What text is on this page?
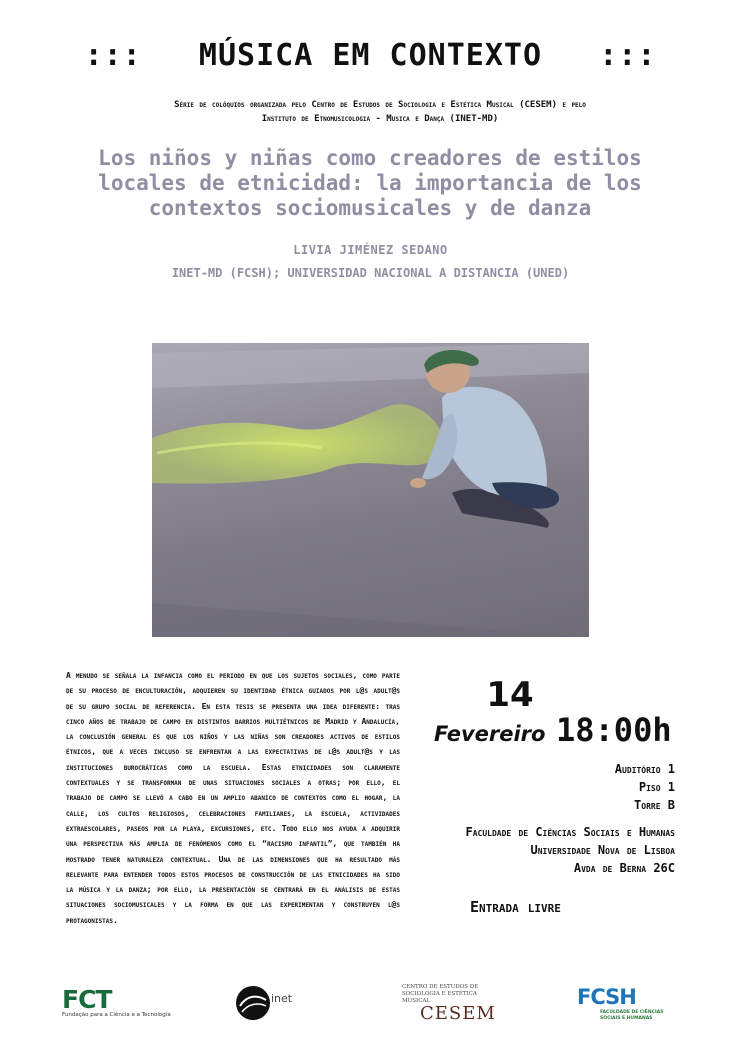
:::   MÚSICA EM CONTEXTO   :::
Série de colóquios organizada pelo Centro de Estudos de Sociologia e Estética Musical (CESEM) e pelo
Instituto de Etnomusicologia - Musica e Dança (INET-MD)
Los niños y niñas como creadores de estilos locales de etnicidad: la importancia de los contextos sociomusicales y de danza
LIVIA JIMÉNEZ SEDANO
INET-MD (FCSH); UNIVERSIDAD NACIONAL A DISTANCIA (UNED)
A menudo se señala la infancia como el periodo en que los sujetos sociales, como parte de su proceso de enculturación, adquieren su identidad étnica guiados por l@s adult@s de su grupo social de referencia. En esta tesis se presenta una idea diferente: tras cinco años de trabajo de campo en distintos barrios multiétnicos de Madrid y Andalucía, la conclusión general es que los niños y las niñas son creadores activos de estilos étnicos, que a veces incluso se enfrentan a las expectativas de l@s adult@s y las instituciones burocráticas como la escuela. Estas etnicidades son claramente contextuales y se transforman de unas situaciones sociales a otras; por ello, el trabajo de campo se llevó a cabo en un amplio abanico de contextos como el hogar, la calle, los cultos religiosos, celebraciones familiares, la escuela, actividades extraescolares, paseos por la playa, excursiones, etc. Todo ello nos ayuda a adquirir una perspectiva más amplia de fenómenos como el “racismo infantil”, que también ha mostrado tener naturaleza contextual. Una de las dimensiones que ha resultado más relevante para entender todos estos procesos de construcción de las etnicidades ha sido la música y la danza; por ello, la presentación se centrará en el análisis de estas situaciones sociomusicales y la forma en que las experimentan y construyen l@s protagonistas.
14
Fevereiro 18:00h
Auditório 1
Piso 1
Torre B
Faculdade de Ciências Sociais e Humanas
Universidade Nova de Lisboa
Avda de Berna 26C
Entrada livre
FCT
Fundação para a Ciência e a Tecnologia
inet
CENTRO DE ESTUDOS DE SOCIOLOGIA E ESTÉTICA MUSICAL
CESEM
FCSH
FACULDADE DE CIÊNCIAS SOCIAIS E HUMANAS
